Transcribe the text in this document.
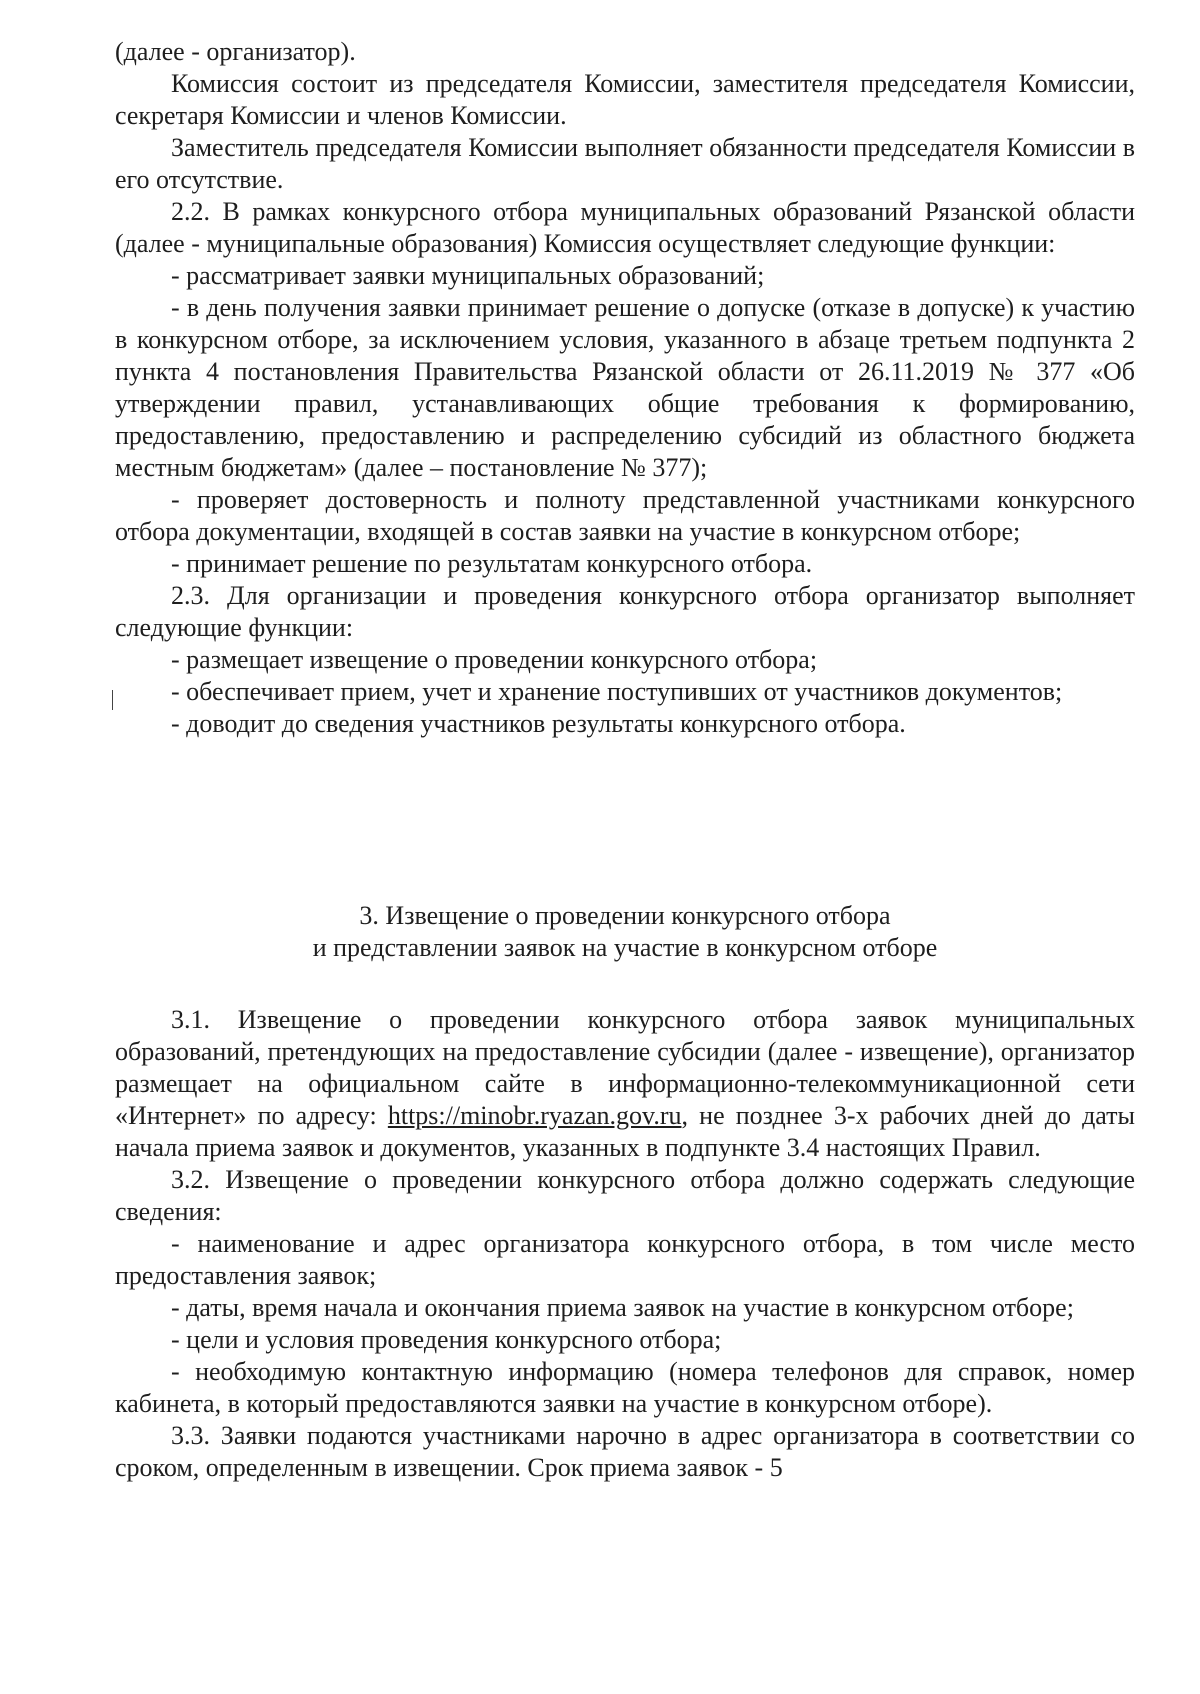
(далее - организатор).

Комиссия состоит из председателя Комиссии, заместителя председателя Комиссии, секретаря Комиссии и членов Комиссии.

Заместитель председателя Комиссии выполняет обязанности председателя Комиссии в его отсутствие.

2.2. В рамках конкурсного отбора муниципальных образований Рязанской области (далее - муниципальные образования) Комиссия осуществляет следующие функции:

- рассматривает заявки муниципальных образований;

- в день получения заявки принимает решение о допуске (отказе в допуске) к участию в конкурсном отборе, за исключением условия, указанного в абзаце третьем подпункта 2 пункта 4 постановления Правительства Рязанской области от 26.11.2019 № 377 «Об утверждении правил, устанавливающих общие требования к формированию, предоставлению, предоставлению и распределению субсидий из областного бюджета местным бюджетам» (далее – постановление № 377);

- проверяет достоверность и полноту представленной участниками конкурсного отбора документации, входящей в состав заявки на участие в конкурсном отборе;

- принимает решение по результатам конкурсного отбора.

2.3. Для организации и проведения конкурсного отбора организатор выполняет следующие функции:

- размещает извещение о проведении конкурсного отбора;

- обеспечивает прием, учет и хранение поступивших от участников документов;

- доводит до сведения участников результаты конкурсного отбора.

3. Извещение о проведении конкурсного отбора
и представлении заявок на участие в конкурсном отборе

3.1. Извещение о проведении конкурсного отбора заявок муниципальных образований, претендующих на предоставление субсидии (далее - извещение), организатор размещает на официальном сайте в информационно-телекоммуникационной сети «Интернет» по адресу: https://minobr.ryazan.gov.ru, не позднее 3-х рабочих дней до даты начала приема заявок и документов, указанных в подпункте 3.4 настоящих Правил.

3.2. Извещение о проведении конкурсного отбора должно содержать следующие сведения:

- наименование и адрес организатора конкурсного отбора, в том числе место предоставления заявок;

- даты, время начала и окончания приема заявок на участие в конкурсном отборе;

- цели и условия проведения конкурсного отбора;

- необходимую контактную информацию (номера телефонов для справок, номер кабинета, в который предоставляются заявки на участие в конкурсном отборе).

3.3. Заявки подаются участниками нарочно в адрес организатора в соответствии со сроком, определенным в извещении. Срок приема заявок - 5
